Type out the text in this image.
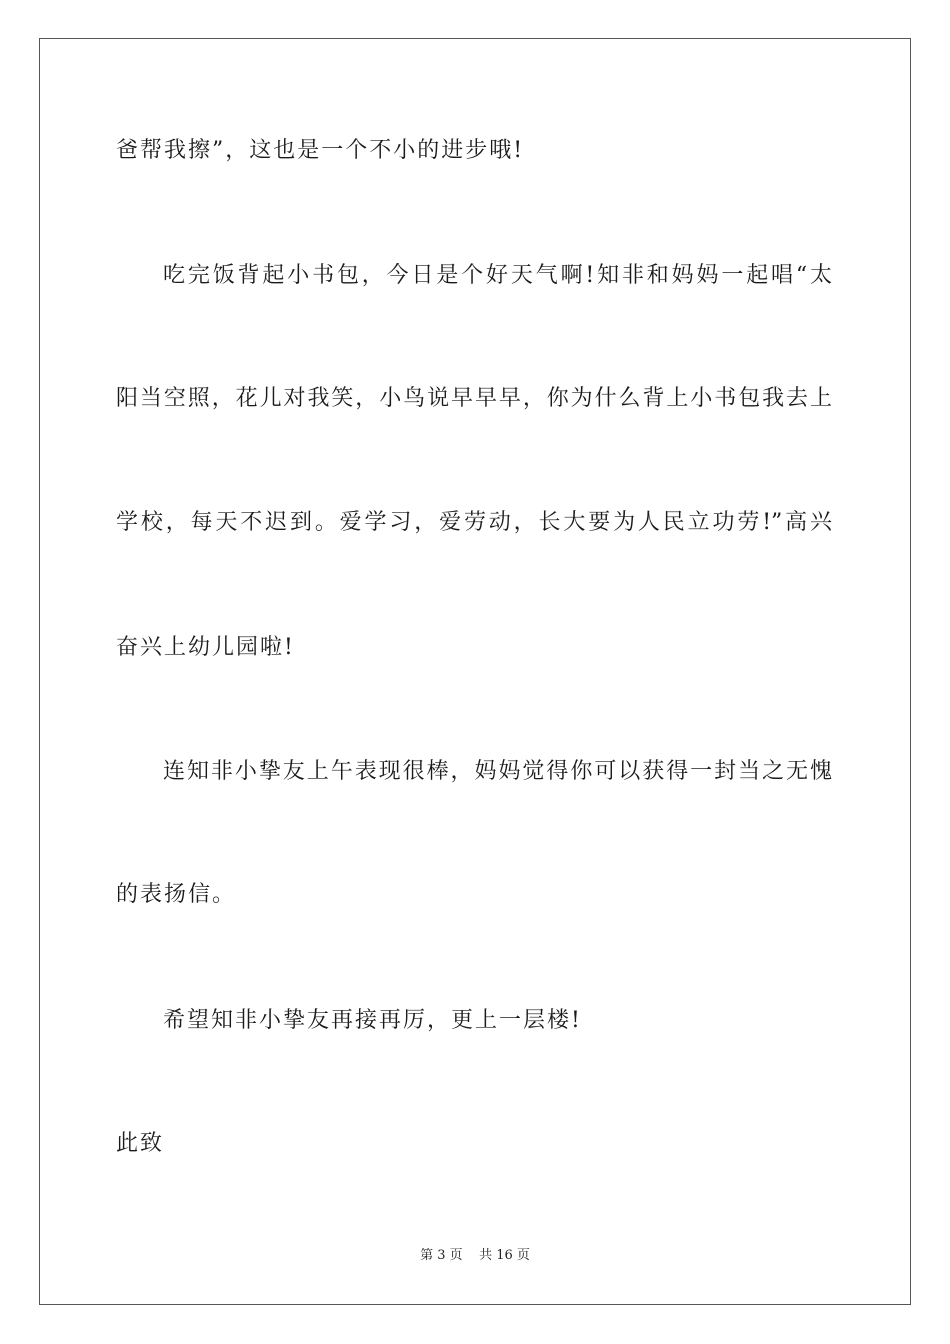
爸帮我擦”，这也是一个不小的进步哦!
吃完饭背起小书包，今日是个好天气啊!知非和妈妈一起唱“太
阳当空照，花儿对我笑，小鸟说早早早，你为什么背上小书包我去上
学校，每天不迟到。爱学习，爱劳动，长大要为人民立功劳!”高兴
奋兴上幼儿园啦!
连知非小挚友上午表现很棒，妈妈觉得你可以获得一封当之无愧
的表扬信。
希望知非小挚友再接再厉，更上一层楼!
此致
第 3 页    共 16 页
